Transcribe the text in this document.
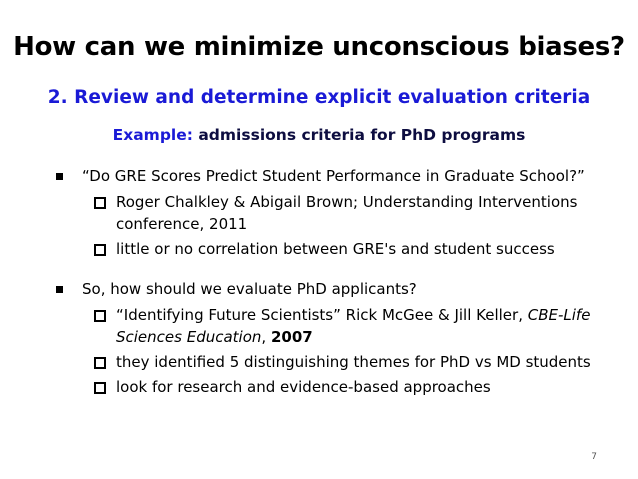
How can we minimize unconscious biases?
2. Review and determine explicit evaluation criteria
Example: admissions criteria for PhD programs
“Do GRE Scores Predict Student Performance in Graduate School?”
Roger Chalkley & Abigail Brown; Understanding Interventions conference, 2011
little or no correlation between GRE's and student success
So, how should we evaluate PhD applicants?
“Identifying Future Scientists” Rick McGee & Jill Keller, CBE-Life Sciences Education, 2007
they identified 5 distinguishing themes for PhD vs MD students
look for research and evidence-based approaches
7
